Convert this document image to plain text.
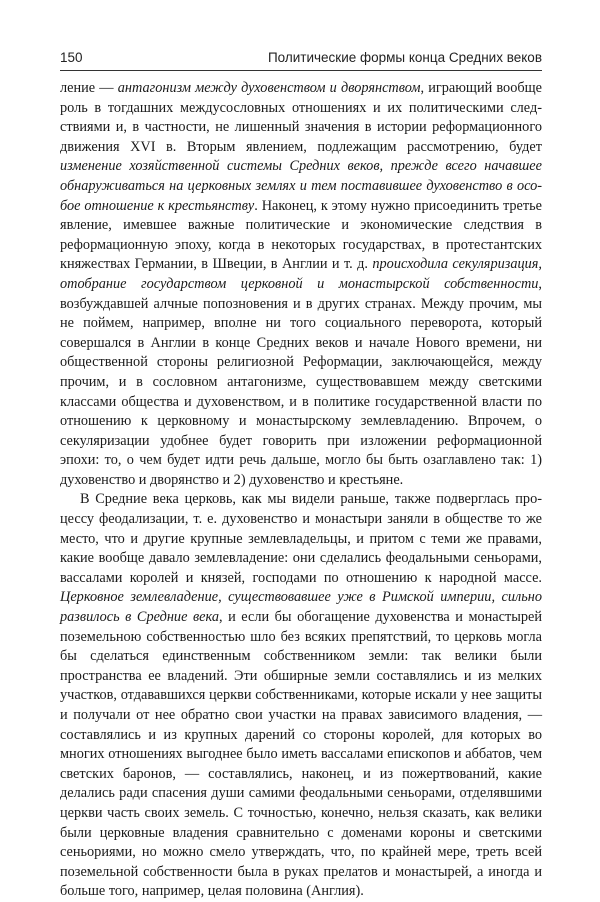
150	Политические формы конца Средних веков

ление — антагонизм между духовенством и дворянством, играющий вообще роль в тогдашних междусословных отношениях и их политическими следствиями и, в частности, не лишенный значения в истории реформационного движения XVI в. Вторым явлением, подлежащим рассмотрению, будет изменение хозяйственной системы Средних веков, прежде всего начавшее обнаруживаться на церковных землях и тем поставившее духовенство в особое отношение к крестьянству. Наконец, к этому нужно присоединить третье явление, имевшее важные политические и экономические следствия в реформационную эпоху, когда в некоторых государствах, в протестантских княжествах Германии, в Швеции, в Англии и т. д. происходила секуляризация, отобрание государством церковной и монастырской собственности, возбуждавшей алчные попозновения и в других странах. Между прочим, мы не поймем, например, вполне ни того социального переворота, который совершался в Англии в конце Средних веков и начале Нового времени, ни общественной стороны религиозной Реформации, заключающейся, между прочим, и в сословном антагонизме, существовавшем между светскими классами общества и духовенством, и в политике государственной власти по отношению к церковному и монастырскому землевладению. Впрочем, о секуляризации удобнее будет говорить при изложении реформационной эпохи: то, о чем будет идти речь дальше, могло бы быть озаглавлено так: 1) духовенство и дворянство и 2) духовенство и крестьяне.

В Средние века церковь, как мы видели раньше, также подверглась процессу феодализации, т. е. духовенство и монастыри заняли в обществе то же место, что и другие крупные землевладельцы, и притом с теми же правами, какие вообще давало землевладение: они сделались феодальными сеньорами, вассалами королей и князей, господами по отношению к народной массе. Церковное землевладение, существовавшее уже в Римской империи, сильно развилось в Средние века, и если бы обогащение духовенства и монастырей поземельною собственностью шло без всяких препятствий, то церковь могла бы сделаться единственным собственником земли: так велики были пространства ее владений. Эти обширные земли составлялись и из мелких участков, отдававшихся церкви собственниками, которые искали у нее защиты и получали от нее обратно свои участки на правах зависимого владения, — составлялись и из крупных дарений со стороны королей, для которых во многих отношениях выгоднее было иметь вассалами епископов и аббатов, чем светских баронов, — составлялись, наконец, и из пожертвований, какие делались ради спасения души самими феодальными сеньорами, отделявшими церкви часть своих земель. С точностью, конечно, нельзя сказать, как велики были церковные владения сравнительно с доменами короны и светскими сеньориями, но можно смело утверждать, что, по крайней мере, треть всей поземельной собственности была в руках прелатов и монастырей, а иногда и больше того, например, целая половина (Англия).
